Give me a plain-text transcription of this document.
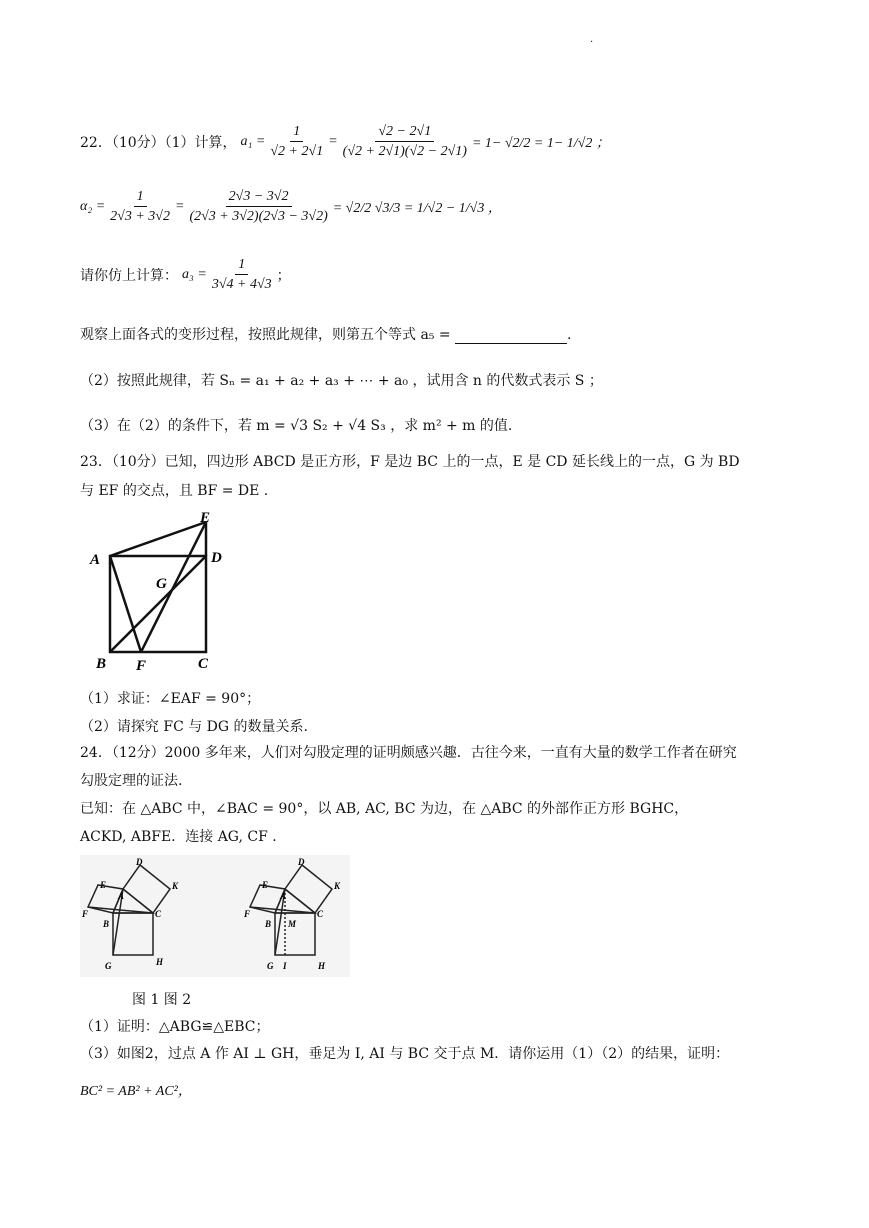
.
22．（10分）（1）计算， $a_1 = \frac{1}{√2 + 2√1} = \frac{√2 - 2√1}{(√2 + 2√1)(√2 - 2√1)} = 1- √2/2 = 1- 1/√2$ ；
$\alpha_2 = \frac{1}{2√3 + 3√2} = \frac{2√3 - 3√2}{(2√3 + 3√2)(2√3 - 3√2)} = √2/2$ √3/3 = 1/√2 − 1/√3 ，
请你仿上计算： $a_3 = \frac{1}{3√4 + 4√3}$ ；
观察上面各式的变形过程，按照此规律，则第五个等式 a₅ =	.
（2）按照此规律，若 Sₙ = a₁ + a₂ + a₃ + ⋯ + a₀ ，试用含 n 的代数式表示 S ；
（3）在（2）的条件下，若 m = √3 S₂ + √4 S₃ ，求 m² + m 的值.
23．（10分）已知，四边形 ABCD 是正方形，F 是边 BC 上的一点，E 是 CD 延长线上的一点，G 为 BD
与 EF 的交点，且 BF = DE .
E
A	D
G
B F	C
（1）求证：∠EAF = 90°；
（2）请探究 FC 与 DG 的数量关系.
24．（12分）2000 多年来，人们对勾股定理的证明颇感兴趣．古往今来，一直有大量的数学工作者在研究
勾股定理的证法.
已知：在 △ABC 中，∠BAC = 90°，以 AB, AC, BC 为边，在 △ABC 的外部作正方形 BGHC，
ACKD, ABFE．连接 AG, CF .
D
K
E
A
F	C
B
G	H
D
K
E
A
F	C
B M
G I	H
图 1 图 2
（1）证明：△ABG≌△EBC；
（3）如图2，过点 A 作 AI ⊥ GH，垂足为 I, AI 与 BC 交于点 M．请你运用（1）（2）的结果，证明：
BC² = AB² + AC²，
